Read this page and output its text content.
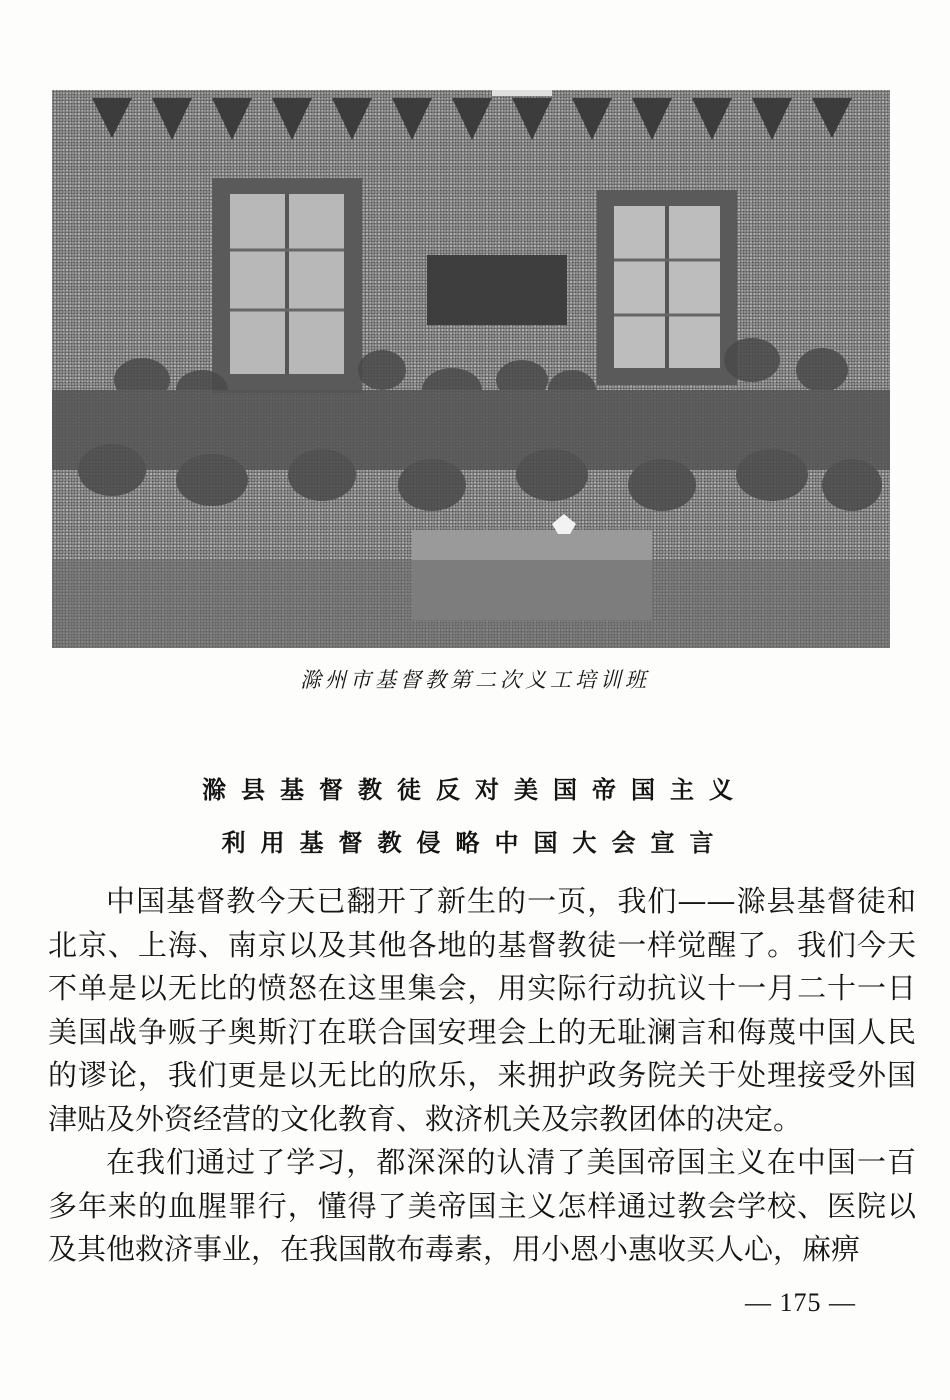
滁州市基督教第二次义工培训班
滁县基督教徒反对美国帝国主义
利用基督教侵略中国大会宣言

中国基督教今天已翻开了新生的一页，我们——滁县基督徒和北京、上海、南京以及其他各地的基督教徒一样觉醒了。我们今天不单是以无比的愤怒在这里集会，用实际行动抗议十一月二十一日美国战争贩子奥斯汀在联合国安理会上的无耻澜言和侮蔑中国人民的谬论，我们更是以无比的欣乐，来拥护政务院关于处理接受外国津贴及外资经营的文化教育、救济机关及宗教团体的决定。

在我们通过了学习，都深深的认清了美国帝国主义在中国一百多年来的血腥罪行，懂得了美帝国主义怎样通过教会学校、医院以及其他救济事业，在我国散布毒素，用小恩小惠收买人心，麻痹

— 175 —
